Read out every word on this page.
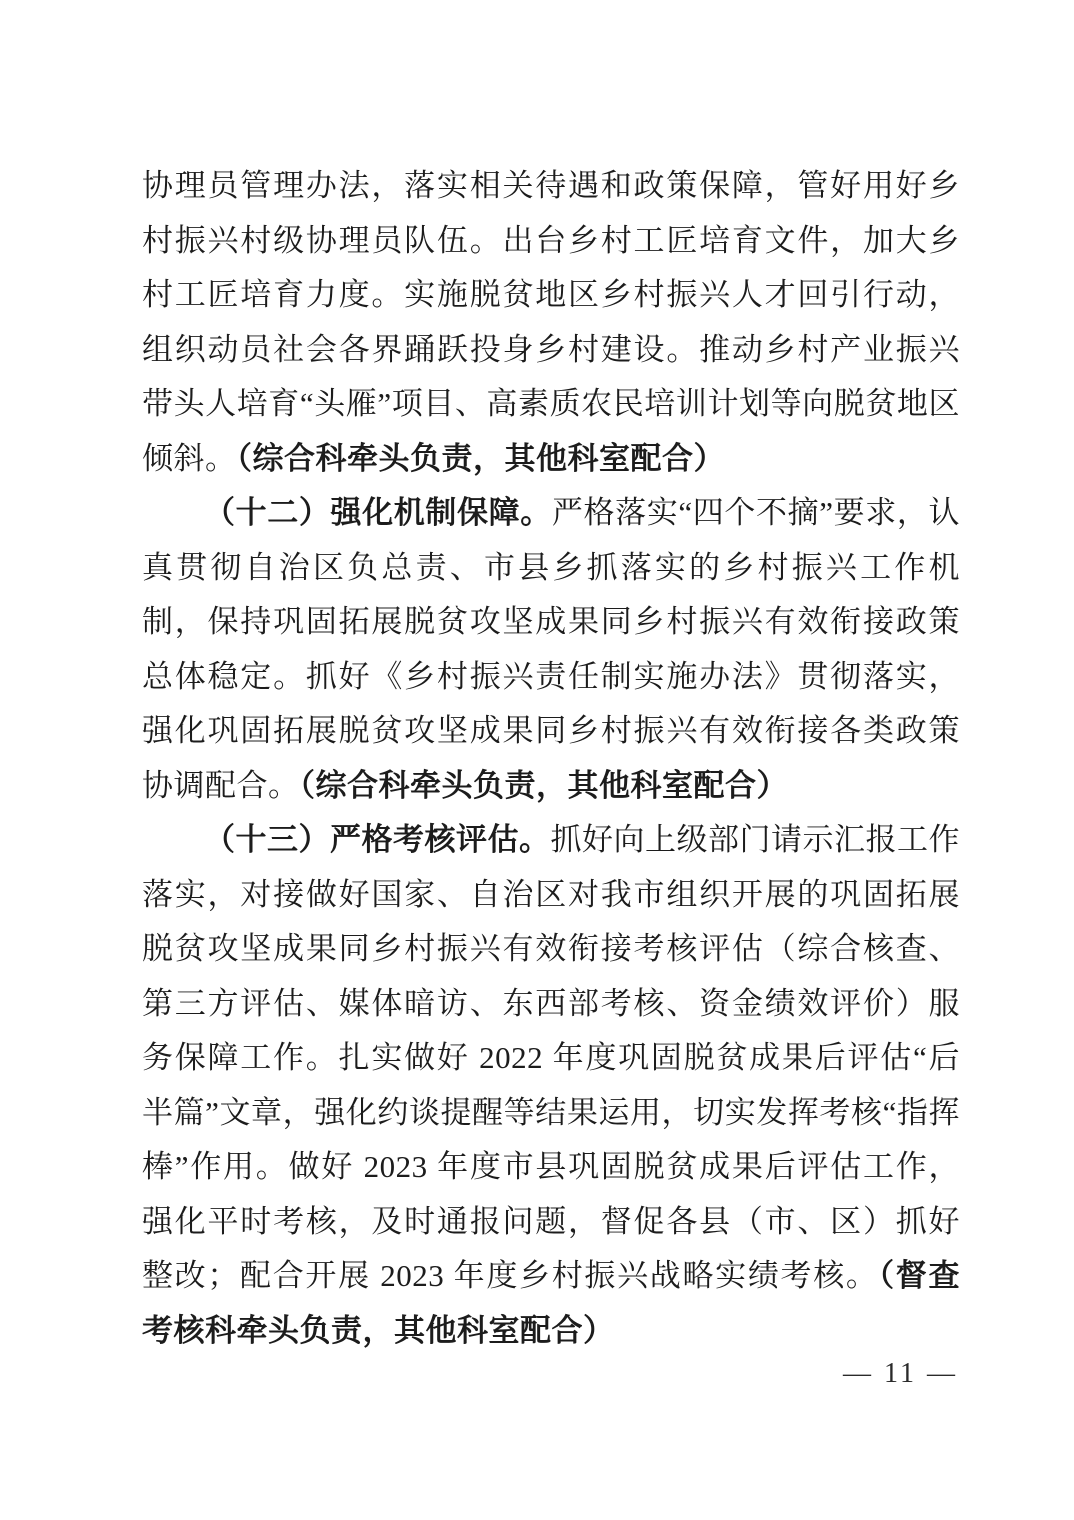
协理员管理办法，落实相关待遇和政策保障，管好用好乡村振兴村级协理员队伍。出台乡村工匠培育文件，加大乡村工匠培育力度。实施脱贫地区乡村振兴人才回引行动，组织动员社会各界踊跃投身乡村建设。推动乡村产业振兴带头人培育“头雁”项目、高素质农民培训计划等向脱贫地区倾斜。（综合科牵头负责，其他科室配合）

（十二）强化机制保障。严格落实“四个不摘”要求，认真贯彻自治区负总责、市县乡抓落实的乡村振兴工作机制，保持巩固拓展脱贫攻坚成果同乡村振兴有效衔接政策总体稳定。抓好《乡村振兴责任制实施办法》贯彻落实，强化巩固拓展脱贫攻坚成果同乡村振兴有效衔接各类政策协调配合。（综合科牵头负责，其他科室配合）

（十三）严格考核评估。抓好向上级部门请示汇报工作落实，对接做好国家、自治区对我市组织开展的巩固拓展脱贫攻坚成果同乡村振兴有效衔接考核评估（综合核查、第三方评估、媒体暗访、东西部考核、资金绩效评价）服务保障工作。扎实做好 2022 年度巩固脱贫成果后评估“后半篇”文章，强化约谈提醒等结果运用，切实发挥考核“指挥棒”作用。做好 2023 年度市县巩固脱贫成果后评估工作，强化平时考核，及时通报问题，督促各县（市、区）抓好整改；配合开展 2023 年度乡村振兴战略实绩考核。（督查考核科牵头负责，其他科室配合）

— 11 —
